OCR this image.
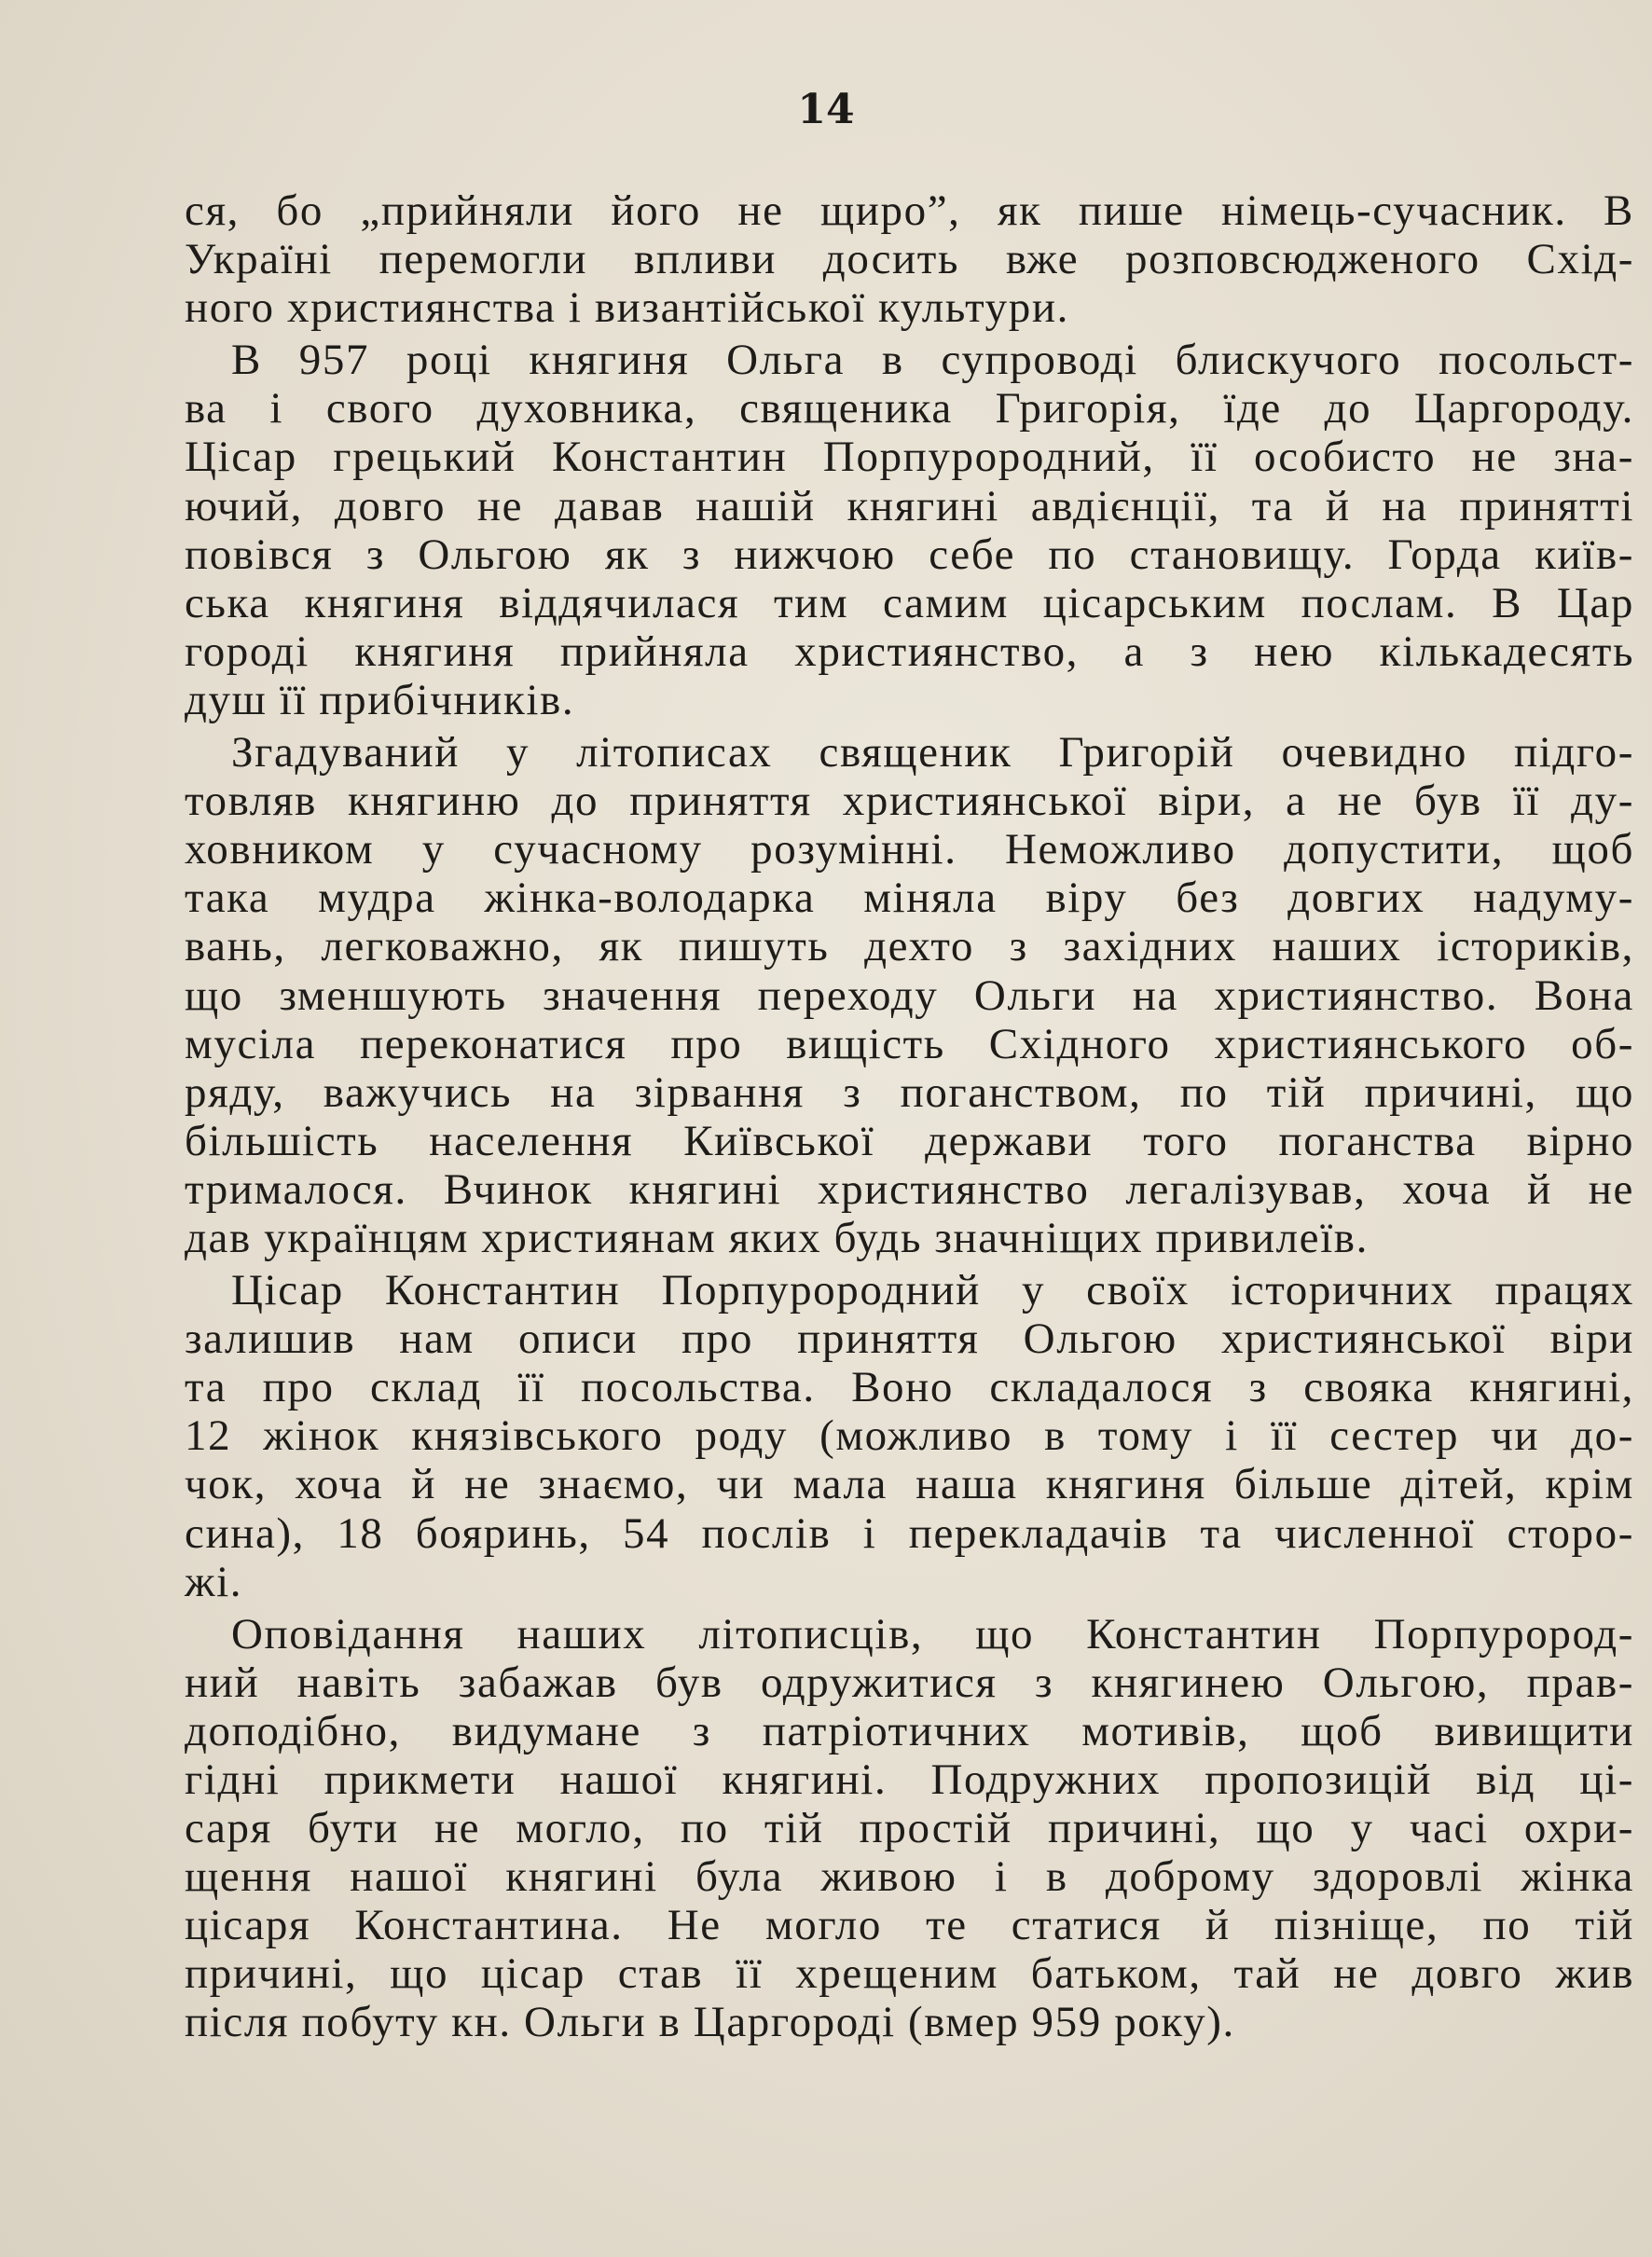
14
ся, бо „прийняли його не щиро”, як пише німець-сучасник. В
Україні перемогли впливи досить вже розповсюдженого Схід-
ного християнства і византійської культури.
В 957 році княгиня Ольга в супроводі блискучого посольст-
ва і свого духовника, священика Григорія, їде до Царгороду.
Цісар грецький Константин Порпурородний, її особисто не зна-
ючий, довго не давав нашій княгині авдієнції, та й на принятті
повівся з Ольгою як з нижчою себе по становищу. Горда київ-
ська княгиня віддячилася тим самим цісарським послам. В Цар
городі княгиня прийняла християнство, а з нею кількадесять
душ її прибічників.
Згадуваний у літописах священик Григорій очевидно підго-
товляв княгиню до приняття християнської віри, а не був її ду-
ховником у сучасному розумінні. Неможливо допустити, щоб
така мудра жінка-володарка міняла віру без довгих надуму-
вань, легковажно, як пишуть дехто з західних наших істориків,
що зменшують значення переходу Ольги на християнство. Вона
мусіла переконатися про вищість Східного християнського об-
ряду, важучись на зірвання з поганством, по тій причині, що
більшість населення Київської держави того поганства вірно
трималося. Вчинок княгині християнство легалізував, хоча й не
дав українцям християнам яких будь значніщих привилеїв.
Цісар Константин Порпурородний у своїх історичних працях
залишив нам описи про приняття Ольгою християнської віри
та про склад її посольства. Воно складалося з свояка княгині,
12 жінок князівського роду (можливо в тому і її сестер чи до-
чок, хоча й не знаємо, чи мала наша княгиня більше дітей, крім
сина), 18 бояринь, 54 послів і перекладачів та численної сторо-
жі.
Оповідання наших літописців, що Константин Порпурород-
ний навіть забажав був одружитися з княгинею Ольгою, прав-
доподібно, видумане з патріотичних мотивів, щоб вивищити
гідні прикмети нашої княгині. Подружних пропозицій від ці-
саря бути не могло, по тій простій причині, що у часі охри-
щення нашої княгині була живою і в доброму здоровлі жінка
цісаря Константина. Не могло те статися й пізніще, по тій
причині, що цісар став її хрещеним батьком, тай не довго жив
після побуту кн. Ольги в Царгороді (вмер 959 року).
